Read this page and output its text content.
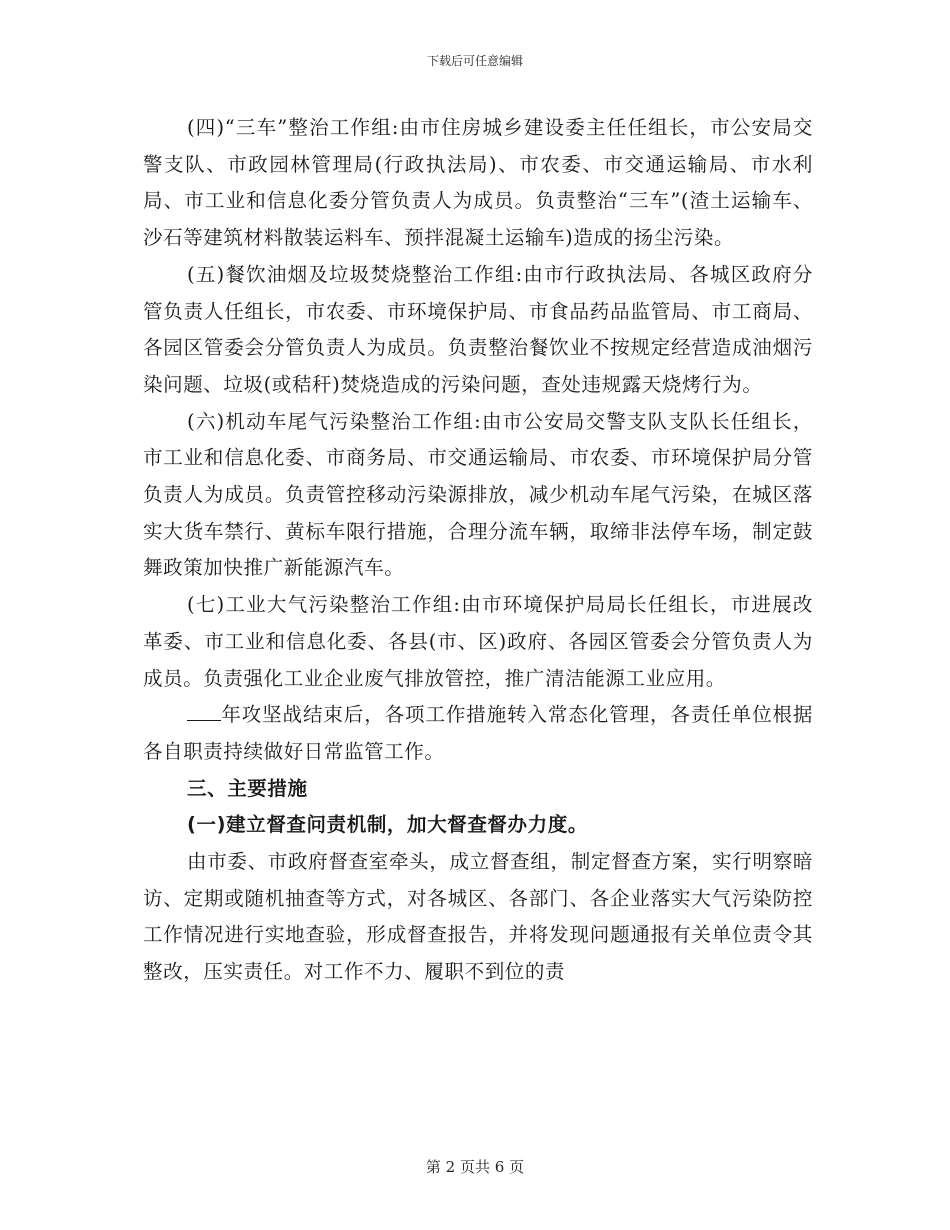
下载后可任意编辑

(四)“三车”整治工作组:由市住房城乡建设委主任任组长，市公安局交警支队、市政园林管理局(行政执法局)、市农委、市交通运输局、市水利局、市工业和信息化委分管负责人为成员。负责整治“三车”(渣土运输车、沙石等建筑材料散装运料车、预拌混凝土运输车)造成的扬尘污染。

(五)餐饮油烟及垃圾焚烧整治工作组:由市行政执法局、各城区政府分管负责人任组长，市农委、市环境保护局、市食品药品监管局、市工商局、各园区管委会分管负责人为成员。负责整治餐饮业不按规定经营造成油烟污染问题、垃圾(或秸秆)焚烧造成的污染问题，查处违规露天烧烤行为。

(六)机动车尾气污染整治工作组:由市公安局交警支队支队长任组长，市工业和信息化委、市商务局、市交通运输局、市农委、市环境保护局分管负责人为成员。负责管控移动污染源排放，减少机动车尾气污染，在城区落实大货车禁行、黄标车限行措施，合理分流车辆，取缔非法停车场，制定鼓舞政策加快推广新能源汽车。

(七)工业大气污染整治工作组:由市环境保护局局长任组长，市进展改革委、市工业和信息化委、各县(市、区)政府、各园区管委会分管负责人为成员。负责强化工业企业废气排放管控，推广清洁能源工业应用。

年攻坚战结束后，各项工作措施转入常态化管理，各责任单位根据各自职责持续做好日常监管工作。

三、主要措施

(一)建立督查问责机制，加大督查督办力度。

由市委、市政府督查室牵头，成立督查组，制定督查方案，实行明察暗访、定期或随机抽查等方式，对各城区、各部门、各企业落实大气污染防控工作情况进行实地查验，形成督查报告，并将发现问题通报有关单位责令其整改，压实责任。对工作不力、履职不到位的责

第 2 页共 6 页
